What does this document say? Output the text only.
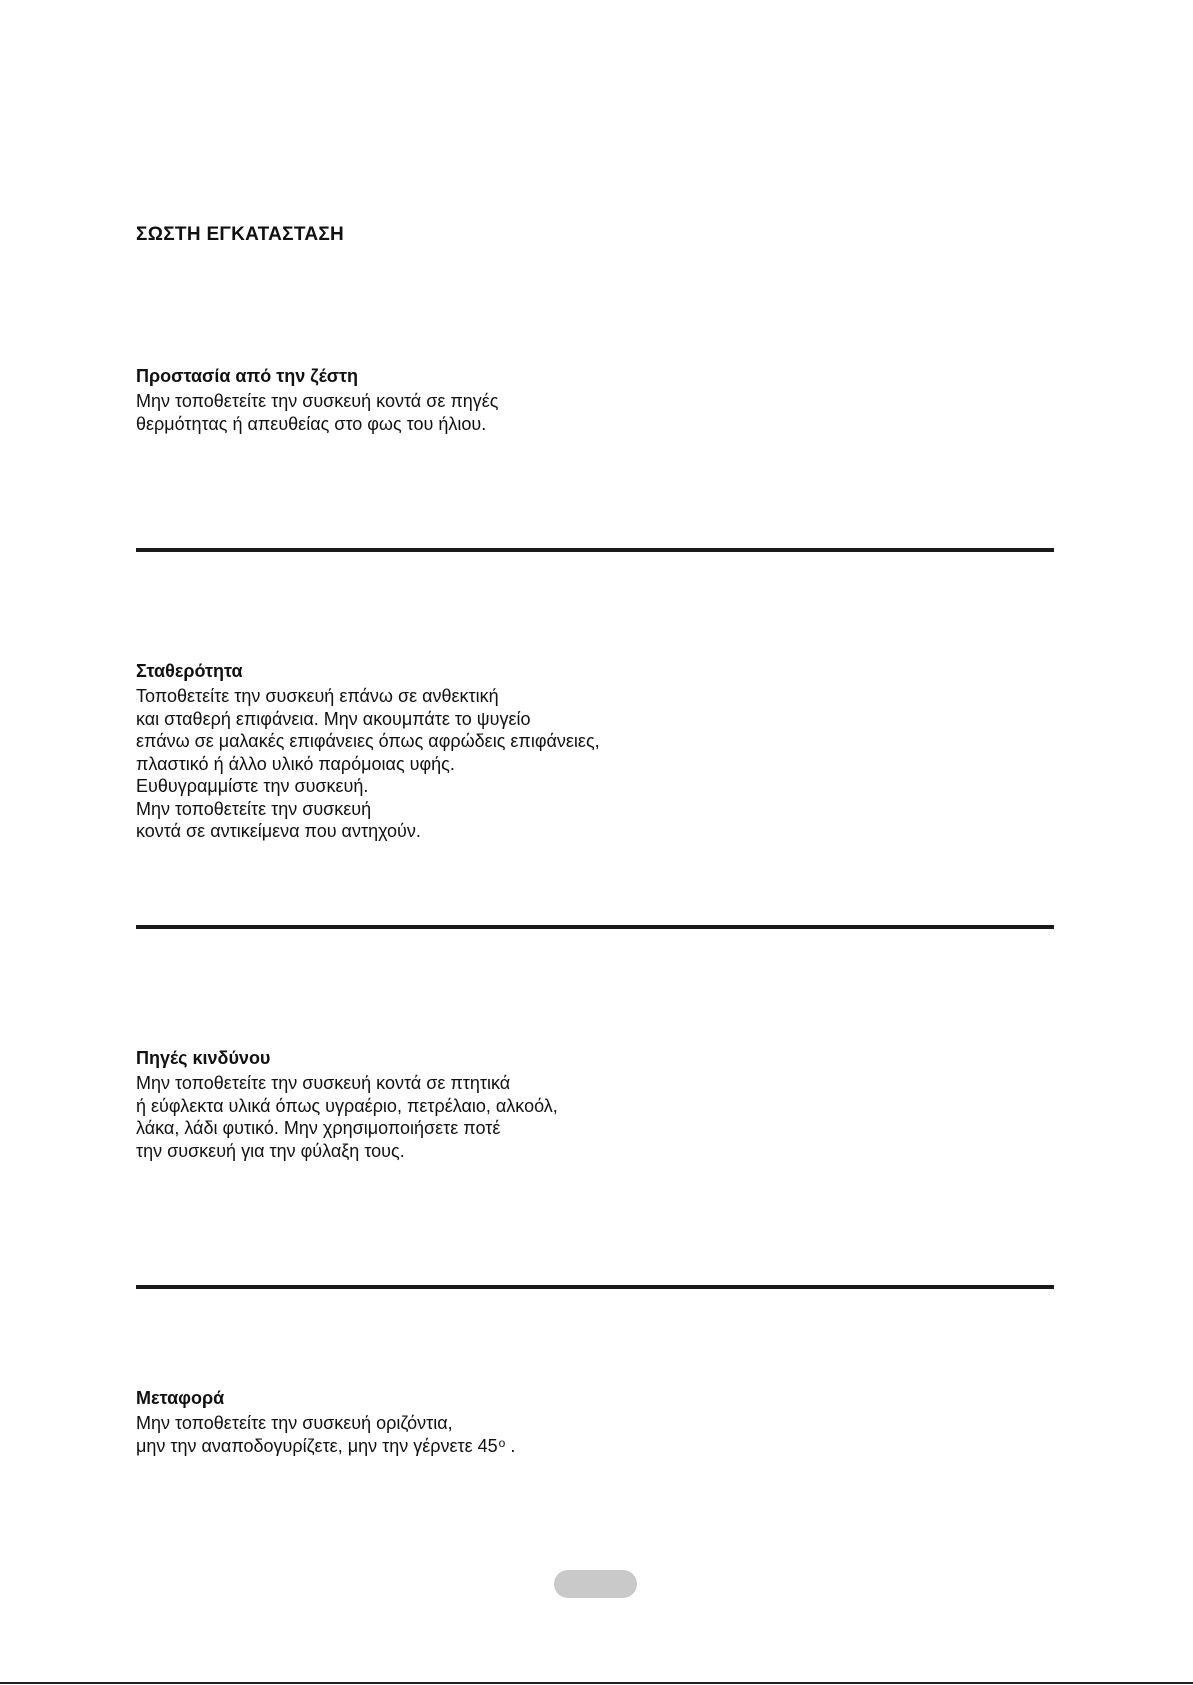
ΣΩΣΤΗ ΕΓΚΑΤΑΣΤΑΣΗ
Προστασία από την ζέστη

Μην τοποθετείτε την συσκευή κοντά σε πηγές

θερμότητας ή απευθείας στο φως του ήλιου.

Σταθερότητα

Τοποθετείτε την συσκευή επάνω σε ανθεκτική

και σταθερή επιφάνεια. Μην ακουμπάτε το ψυγείο

επάνω σε μαλακές επιφάνειες όπως αφρώδεις επιφάνειες,

πλαστικό ή άλλο υλικό παρόμοιας υφής.

Ευθυγραμμίστε την συσκευή.

Μην τοποθετείτε την συσκευή

κοντά σε αντικείμενα που αντηχούν.

Πηγές κινδύνου

Μην τοποθετείτε την συσκευή κοντά σε πτητικά

ή εύφλεκτα υλικά όπως υγραέριο, πετρέλαιο, αλκοόλ,

λάκα, λάδι φυτικό. Μην χρησιμοποιήσετε ποτέ

την συσκευή για την φύλαξη τους.

Μεταφορά

Μην τοποθετείτε την συσκευή οριζόντια,

μην την αναποδογυρίζετε, μην την γέρνετε 45$^o$ .
